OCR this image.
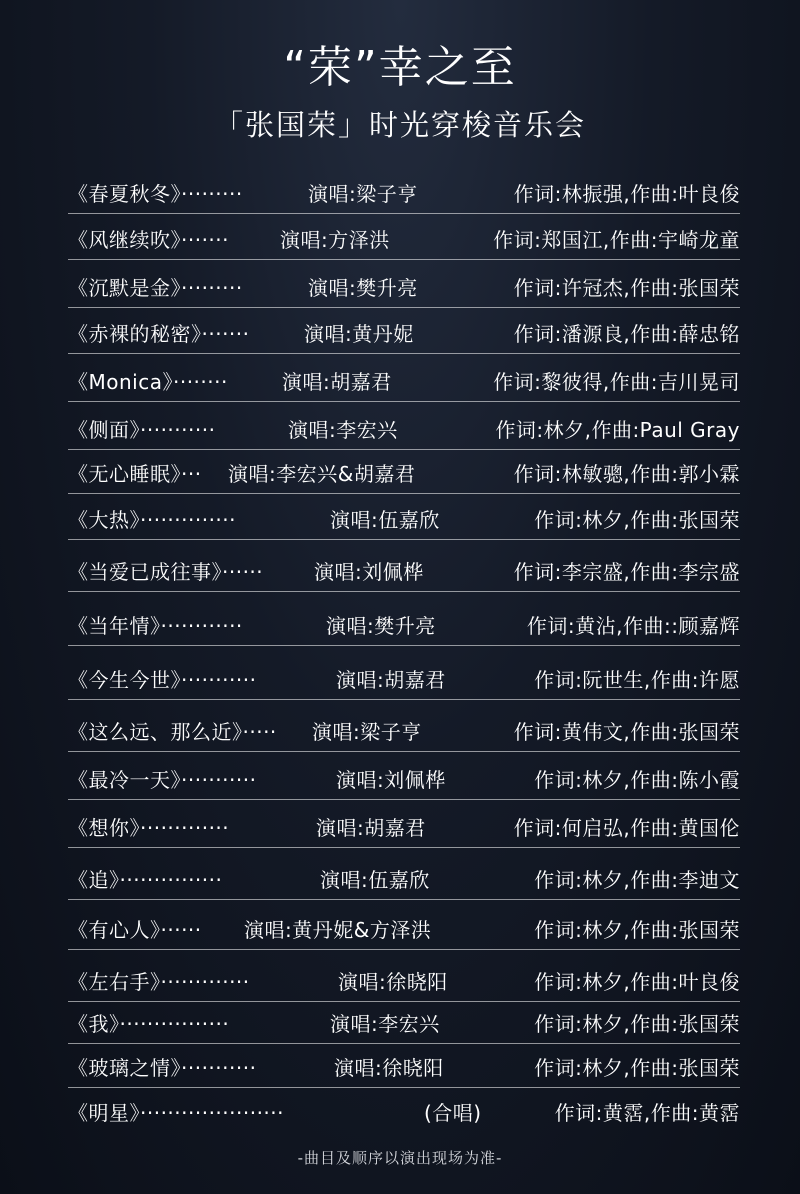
“荣”幸之至
「张国荣」时光穿梭音乐会
《春夏秋冬》·········	演唱:梁子亨	作词:林振强,作曲:叶良俊
《风继续吹》·······	演唱:方泽洪	作词:郑国江,作曲:宇崎龙童
《沉默是金》·········	演唱:樊升亮	作词:许冠杰,作曲:张国荣
《赤裸的秘密》·······	演唱:黄丹妮	作词:潘源良,作曲:薛忠铭
《Monica》········	演唱:胡嘉君	作词:黎彼得,作曲:吉川晃司
《侧面》···········	演唱:李宏兴	作词:林夕,作曲:Paul Gray
《无心睡眠》··· 演唱:李宏兴&胡嘉君	作词:林敏骢,作曲:郭小霖
《大热》··············	演唱:伍嘉欣	作词:林夕,作曲:张国荣
《当爱已成往事》······	演唱:刘佩桦	作词:李宗盛,作曲:李宗盛
《当年情》············	演唱:樊升亮	作词:黄沾,作曲::顾嘉辉
《今生今世》···········	演唱:胡嘉君	作词:阮世生,作曲:许愿
《这么远、那么近》····· 演唱:梁子亨	作词:黄伟文,作曲:张国荣
《最冷一天》···········	演唱:刘佩桦	作词:林夕,作曲:陈小霞
《想你》·············	演唱:胡嘉君	作词:何启弘,作曲:黄国伦
《追》···············	演唱:伍嘉欣	作词:林夕,作曲:李迪文
《有心人》······ 演唱:黄丹妮&方泽洪	作词:林夕,作曲:张国荣
《左右手》·············	演唱:徐晓阳	作词:林夕,作曲:叶良俊
《我》················	演唱:李宏兴	作词:林夕,作曲:张国荣
《玻璃之情》···········	演唱:徐晓阳	作词:林夕,作曲:张国荣
《明星》·····················	(合唱)	作词:黄霑,作曲:黄霑
-曲目及顺序以演出现场为准-
